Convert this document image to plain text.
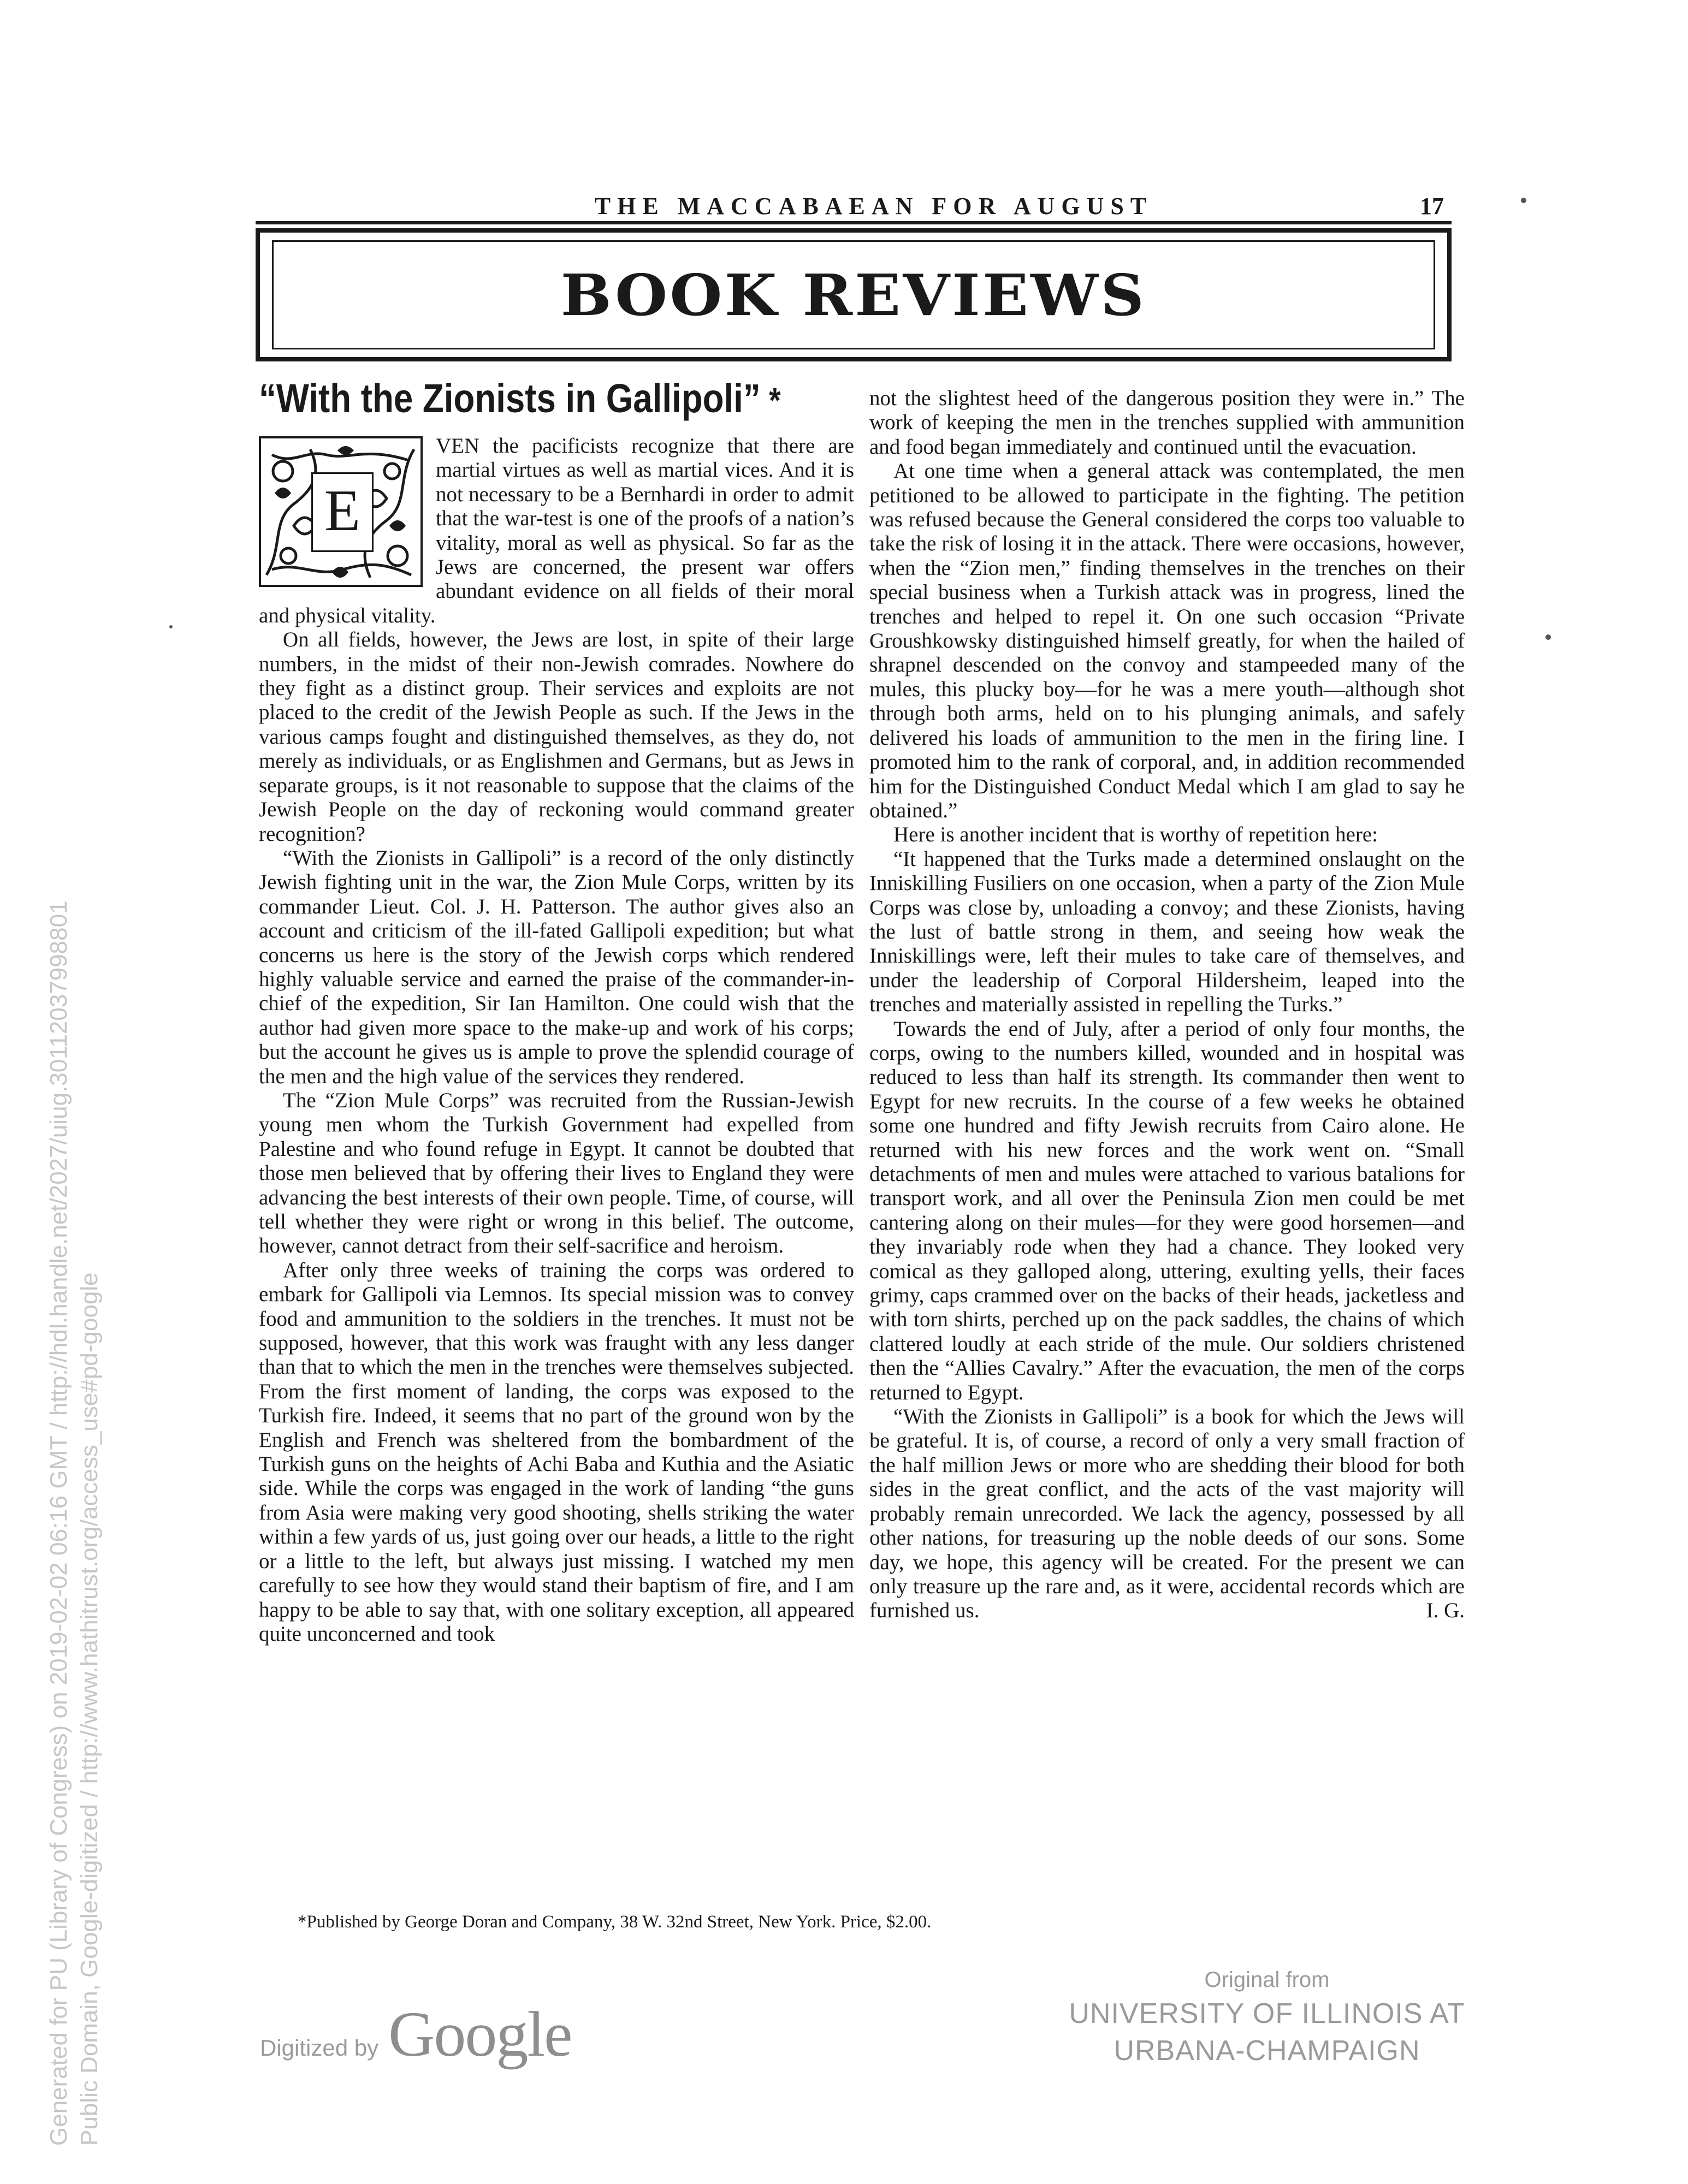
THE MACCABAEAN FOR AUGUST	17
BOOK REVIEWS
“With the Zionists in Gallipoli” *

E
VEN the pacificists recognize that there are martial virtues as well as martial vices. And it is not necessary to be a Bernhardi in order to admit that the war-test is one of the proofs of a nation’s vitality, moral as well as physical. So far as the Jews are concerned, the present war offers abundant evidence on all fields of their moral and physical vitality.

On all fields, however, the Jews are lost, in spite of their large numbers, in the midst of their non-Jewish comrades. Nowhere do they fight as a distinct group. Their services and exploits are not placed to the credit of the Jewish People as such. If the Jews in the various camps fought and distinguished themselves, as they do, not merely as individuals, or as Englishmen and Germans, but as Jews in separate groups, is it not reasonable to suppose that the claims of the Jewish People on the day of reckoning would command greater recognition?

“With the Zionists in Gallipoli” is a record of the only distinctly Jewish fighting unit in the war, the Zion Mule Corps, written by its commander Lieut. Col. J. H. Patterson. The author gives also an account and criticism of the ill-fated Gallipoli expedition; but what concerns us here is the story of the Jewish corps which rendered highly valuable service and earned the praise of the commander-in-chief of the expedition, Sir Ian Hamilton. One could wish that the author had given more space to the make-up and work of his corps; but the account he gives us is ample to prove the splendid courage of the men and the high value of the services they rendered.

The “Zion Mule Corps” was recruited from the Russian-Jewish young men whom the Turkish Government had expelled from Palestine and who found refuge in Egypt. It cannot be doubted that those men believed that by offering their lives to England they were advancing the best interests of their own people. Time, of course, will tell whether they were right or wrong in this belief. The outcome, however, cannot detract from their self-sacrifice and heroism.

After only three weeks of training the corps was ordered to embark for Gallipoli via Lemnos. Its special mission was to convey food and ammunition to the soldiers in the trenches. It must not be supposed, however, that this work was fraught with any less danger than that to which the men in the trenches were themselves subjected. From the first moment of landing, the corps was exposed to the Turkish fire. Indeed, it seems that no part of the ground won by the English and French was sheltered from the bombardment of the Turkish guns on the heights of Achi Baba and Kuthia and the Asiatic side. While the corps was engaged in the work of landing “the guns from Asia were making very good shooting, shells striking the water within a few yards of us, just going over our heads, a little to the right or a little to the left, but always just missing. I watched my men carefully to see how they would stand their baptism of fire, and I am happy to be able to say that, with one solitary exception, all appeared quite unconcerned and took

not the slightest heed of the dangerous position they were in.” The work of keeping the men in the trenches supplied with ammunition and food began immediately and continued until the evacuation.

At one time when a general attack was contemplated, the men petitioned to be allowed to participate in the fighting. The petition was refused because the General considered the corps too valuable to take the risk of losing it in the attack. There were occasions, however, when the “Zion men,” finding themselves in the trenches on their special business when a Turkish attack was in progress, lined the trenches and helped to repel it. On one such occasion “Private Groushkowsky distinguished himself greatly, for when the hailed of shrapnel descended on the convoy and stampeeded many of the mules, this plucky boy—for he was a mere youth—although shot through both arms, held on to his plunging animals, and safely delivered his loads of ammunition to the men in the firing line. I promoted him to the rank of corporal, and, in addition recommended him for the Distinguished Conduct Medal which I am glad to say he obtained.”

Here is another incident that is worthy of repetition here:

“It happened that the Turks made a determined onslaught on the Inniskilling Fusiliers on one occasion, when a party of the Zion Mule Corps was close by, unloading a convoy; and these Zionists, having the lust of battle strong in them, and seeing how weak the Inniskillings were, left their mules to take care of themselves, and under the leadership of Corporal Hildersheim, leaped into the trenches and materially assisted in repelling the Turks.”

Towards the end of July, after a period of only four months, the corps, owing to the numbers killed, wounded and in hospital was reduced to less than half its strength. Its commander then went to Egypt for new recruits. In the course of a few weeks he obtained some one hundred and fifty Jewish recruits from Cairo alone. He returned with his new forces and the work went on. “Small detachments of men and mules were attached to various batalions for transport work, and all over the Peninsula Zion men could be met cantering along on their mules—for they were good horsemen—and they invariably rode when they had a chance. They looked very comical as they galloped along, uttering, exulting yells, their faces grimy, caps crammed over on the backs of their heads, jacketless and with torn shirts, perched up on the pack saddles, the chains of which clattered loudly at each stride of the mule. Our soldiers christened then the “Allies Cavalry.” After the evacuation, the men of the corps returned to Egypt.

“With the Zionists in Gallipoli” is a book for which the Jews will be grateful. It is, of course, a record of only a very small fraction of the half million Jews or more who are shedding their blood for both sides in the great conflict, and the acts of the vast majority will probably remain unrecorded. We lack the agency, possessed by all other nations, for treasuring up the noble deeds of our sons. Some day, we hope, this agency will be created. For the present we can only treasure up the rare and, as it were, accidental records which are furnished us.	I. G.

*Published by George Doran and Company, 38 W. 32nd Street, New York. Price, $2.00.
Digitized by Google
Original from
UNIVERSITY OF ILLINOIS AT
URBANA-CHAMPAIGN
Generated for PU (Library of Congress) on 2019-02-02 06:16 GMT / http://hdl.handle.net/2027/uiug.30112037998801 Public Domain, Google-digitized / http://www.hathitrust.org/access_use#pd-google
